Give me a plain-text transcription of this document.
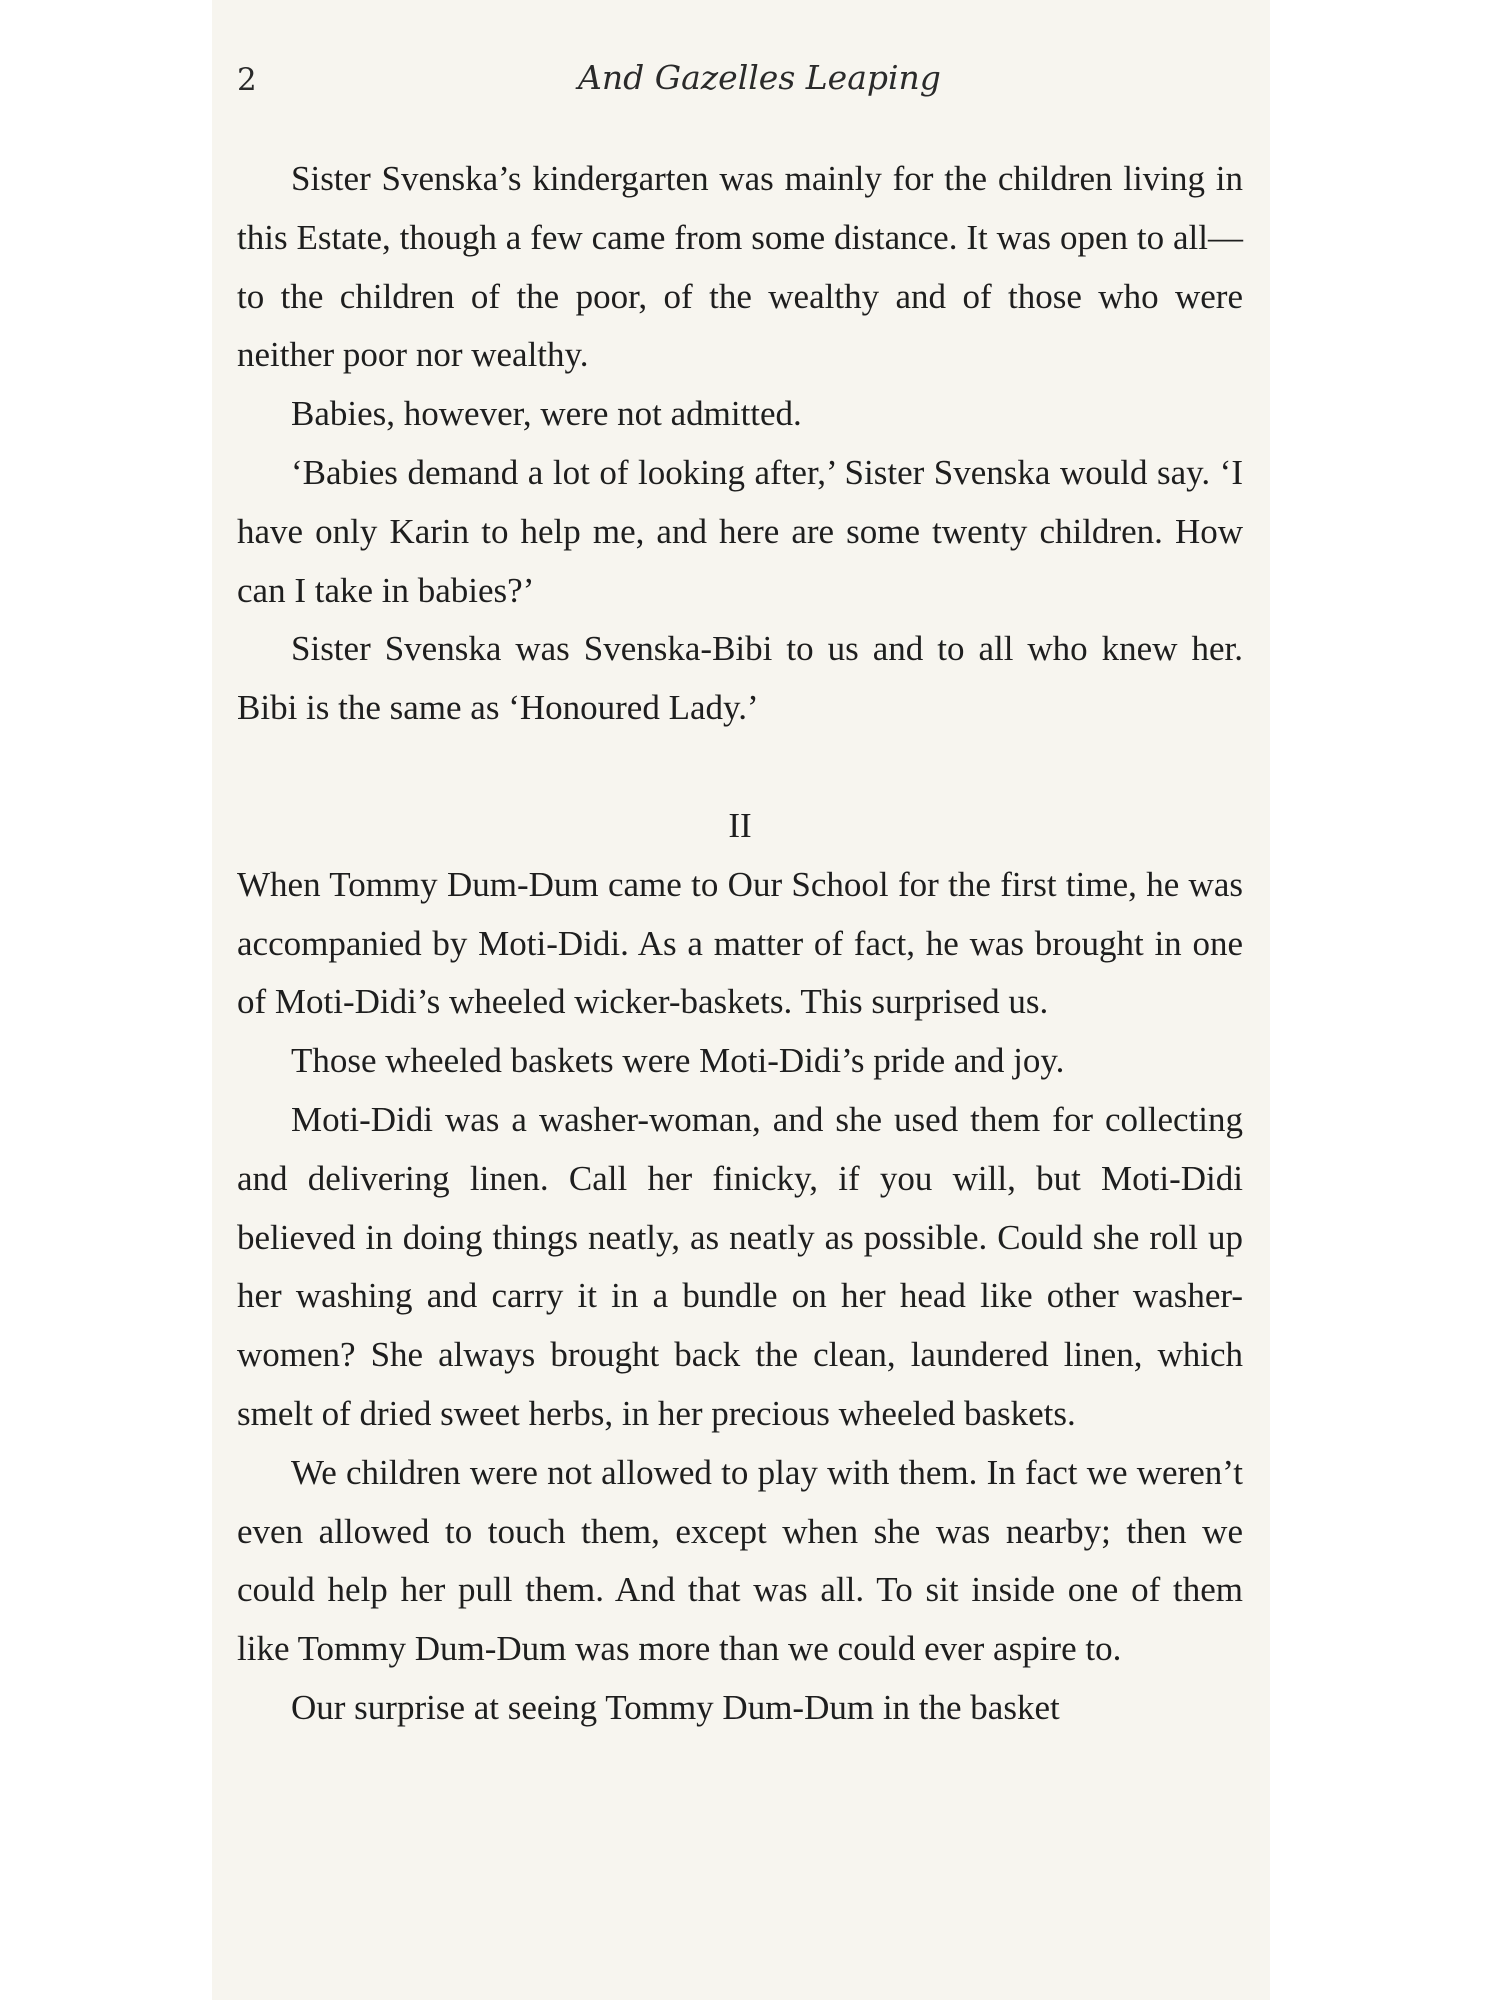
2	And Gazelles Leaping

Sister Svenska’s kindergarten was mainly for the children living in this Estate, though a few came from some distance. It was open to all—to the children of the poor, of the wealthy and of those who were neither poor nor wealthy.

Babies, however, were not admitted.

‘Babies demand a lot of looking after,’ Sister Svenska would say. ‘I have only Karin to help me, and here are some twenty children. How can I take in babies?’

Sister Svenska was Svenska-Bibi to us and to all who knew her. Bibi is the same as ‘Honoured Lady.’

II

When Tommy Dum-Dum came to Our School for the first time, he was accompanied by Moti-Didi. As a matter of fact, he was brought in one of Moti-Didi’s wheeled wicker-baskets. This surprised us.

Those wheeled baskets were Moti-Didi’s pride and joy.

Moti-Didi was a washer-woman, and she used them for collecting and delivering linen. Call her finicky, if you will, but Moti-Didi believed in doing things neatly, as neatly as possible. Could she roll up her washing and carry it in a bundle on her head like other washer-women? She always brought back the clean, laundered linen, which smelt of dried sweet herbs, in her precious wheeled baskets.

We children were not allowed to play with them. In fact we weren’t even allowed to touch them, except when she was nearby; then we could help her pull them. And that was all. To sit inside one of them like Tommy Dum-Dum was more than we could ever aspire to.

Our surprise at seeing Tommy Dum-Dum in the basket
